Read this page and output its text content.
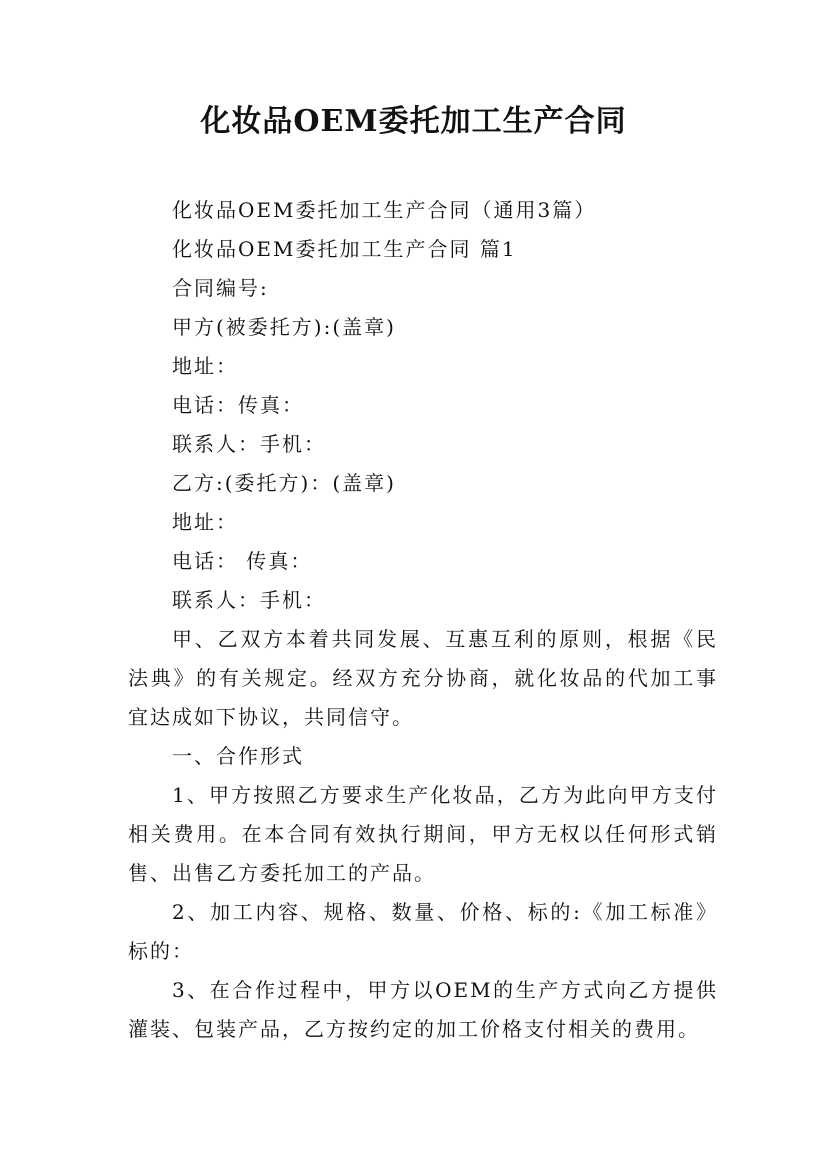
化妆品OEM委托加工生产合同

化妆品OEM委托加工生产合同（通用3篇）

化妆品OEM委托加工生产合同 篇1

合同编号:

甲方(被委托方):(盖章)

地址：

电话：传真：

联系人：手机：

乙方:(委托方)：(盖章)

地址：

电话： 传真：

联系人：手机：

甲、乙双方本着共同发展、互惠互利的原则，根据《民法典》的有关规定。经双方充分协商，就化妆品的代加工事宜达成如下协议，共同信守。

一、合作形式

1、甲方按照乙方要求生产化妆品，乙方为此向甲方支付相关费用。在本合同有效执行期间，甲方无权以任何形式销售、出售乙方委托加工的产品。

2、加工内容、规格、数量、价格、标的:《加工标准》标的：

3、在合作过程中，甲方以OEM的生产方式向乙方提供灌装、包装产品，乙方按约定的加工价格支付相关的费用。
